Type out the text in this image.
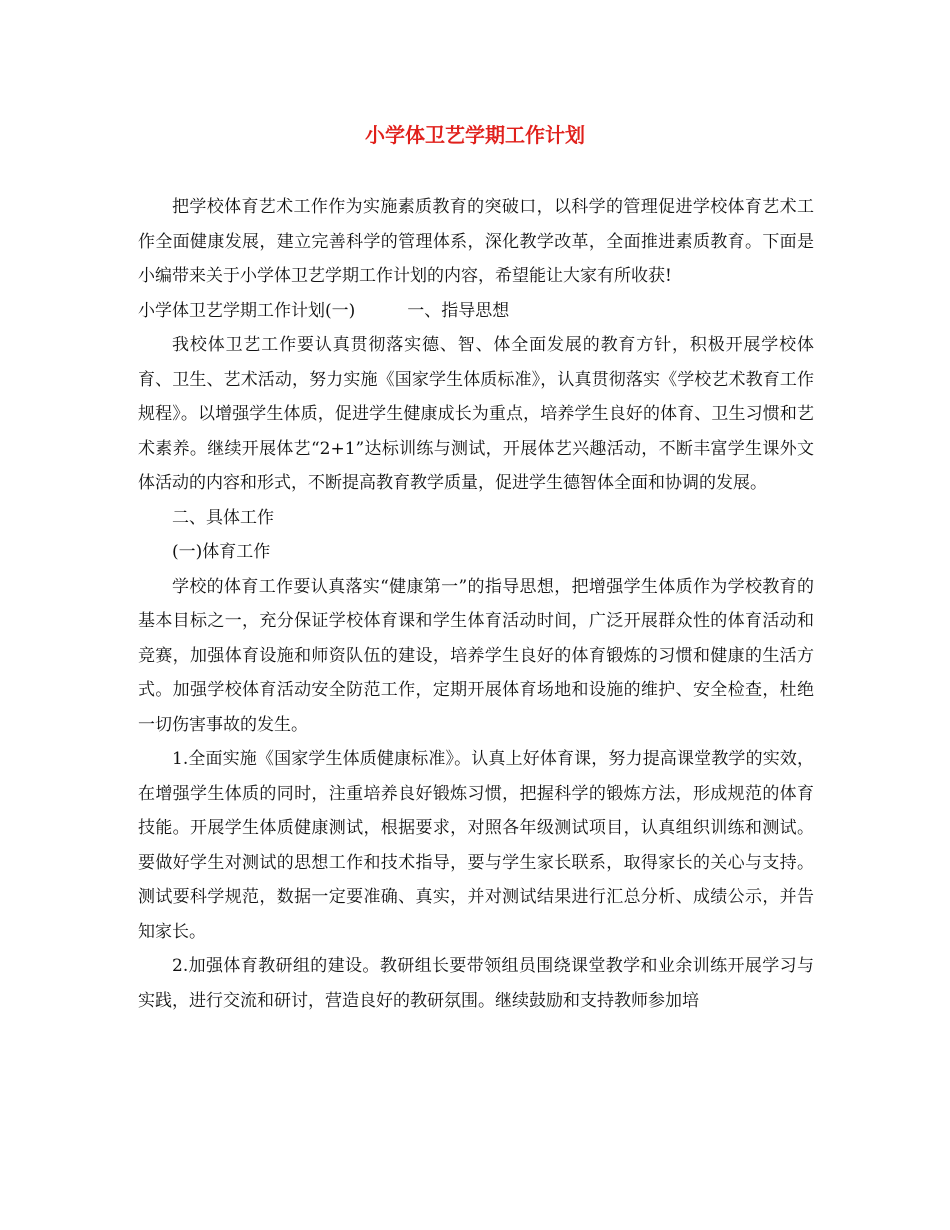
小学体卫艺学期工作计划

把学校体育艺术工作作为实施素质教育的突破口，以科学的管理促进学校体育艺术工作全面健康发展，建立完善科学的管理体系，深化教学改革，全面推进素质教育。下面是小编带来关于小学体卫艺学期工作计划的内容，希望能让大家有所收获!

小学体卫艺学期工作计划(一)	一、指导思想

我校体卫艺工作要认真贯彻落实德、智、体全面发展的教育方针，积极开展学校体育、卫生、艺术活动，努力实施《国家学生体质标准》，认真贯彻落实《学校艺术教育工作规程》。以增强学生体质，促进学生健康成长为重点，培养学生良好的体育、卫生习惯和艺术素养。继续开展体艺“2+1”达标训练与测试，开展体艺兴趣活动，不断丰富学生课外文体活动的内容和形式，不断提高教育教学质量，促进学生德智体全面和协调的发展。

二、具体工作

(一)体育工作

学校的体育工作要认真落实“健康第一”的指导思想，把增强学生体质作为学校教育的基本目标之一，充分保证学校体育课和学生体育活动时间，广泛开展群众性的体育活动和竞赛，加强体育设施和师资队伍的建设，培养学生良好的体育锻炼的习惯和健康的生活方式。加强学校体育活动安全防范工作，定期开展体育场地和设施的维护、安全检查，杜绝一切伤害事故的发生。

1.全面实施《国家学生体质健康标准》。认真上好体育课，努力提高课堂教学的实效，在增强学生体质的同时，注重培养良好锻炼习惯，把握科学的锻炼方法，形成规范的体育技能。开展学生体质健康测试，根据要求，对照各年级测试项目，认真组织训练和测试。要做好学生对测试的思想工作和技术指导，要与学生家长联系，取得家长的关心与支持。测试要科学规范，数据一定要准确、真实，并对测试结果进行汇总分析、成绩公示，并告知家长。

2.加强体育教研组的建设。教研组长要带领组员围绕课堂教学和业余训练开展学习与实践，进行交流和研讨，营造良好的教研氛围。继续鼓励和支持教师参加培
